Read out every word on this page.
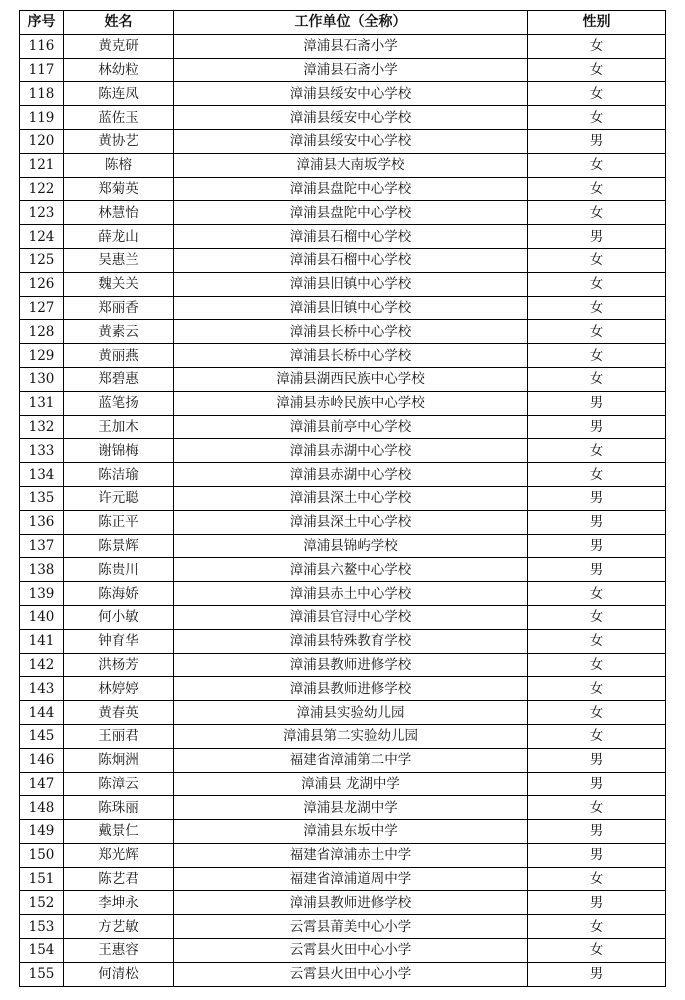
序号	姓名	工作单位（全称）	性别
116	黄克研	漳浦县石斋小学	女
117	林幼粒	漳浦县石斋小学	女
118	陈连凤	漳浦县绥安中心学校	女
119	蓝佐玉	漳浦县绥安中心学校	女
120	黄协艺	漳浦县绥安中心学校	男
121	陈榕	漳浦县大南坂学校	女
122	郑菊英	漳浦县盘陀中心学校	女
123	林慧怡	漳浦县盘陀中心学校	女
124	薛龙山	漳浦县石榴中心学校	男
125	吴惠兰	漳浦县石榴中心学校	女
126	魏关关	漳浦县旧镇中心学校	女
127	郑丽香	漳浦县旧镇中心学校	女
128	黄素云	漳浦县长桥中心学校	女
129	黄丽燕	漳浦县长桥中心学校	女
130	郑碧惠	漳浦县湖西民族中心学校	女
131	蓝笔扬	漳浦县赤岭民族中心学校	男
132	王加木	漳浦县前亭中心学校	男
133	谢锦梅	漳浦县赤湖中心学校	女
134	陈洁瑜	漳浦县赤湖中心学校	女
135	许元聪	漳浦县深土中心学校	男
136	陈正平	漳浦县深土中心学校	男
137	陈景辉	漳浦县锦屿学校	男
138	陈贵川	漳浦县六鳌中心学校	男
139	陈海娇	漳浦县赤土中心学校	女
140	何小敏	漳浦县官浔中心学校	女
141	钟育华	漳浦县特殊教育学校	女
142	洪杨芳	漳浦县教师进修学校	女
143	林婷婷	漳浦县教师进修学校	女
144	黄春英	漳浦县实验幼儿园	女
145	王丽君	漳浦县第二实验幼儿园	女
146	陈炯洲	福建省漳浦第二中学	男
147	陈漳云	漳浦县 龙湖中学	男
148	陈珠丽	漳浦县龙湖中学	女
149	戴景仁	漳浦县东坂中学	男
150	郑光辉	福建省漳浦赤土中学	男
151	陈艺君	福建省漳浦道周中学	女
152	李坤永	漳浦县教师进修学校	男
153	方艺敏	云霄县莆美中心小学	女
154	王惠容	云霄县火田中心小学	女
155	何清松	云霄县火田中心小学	男
